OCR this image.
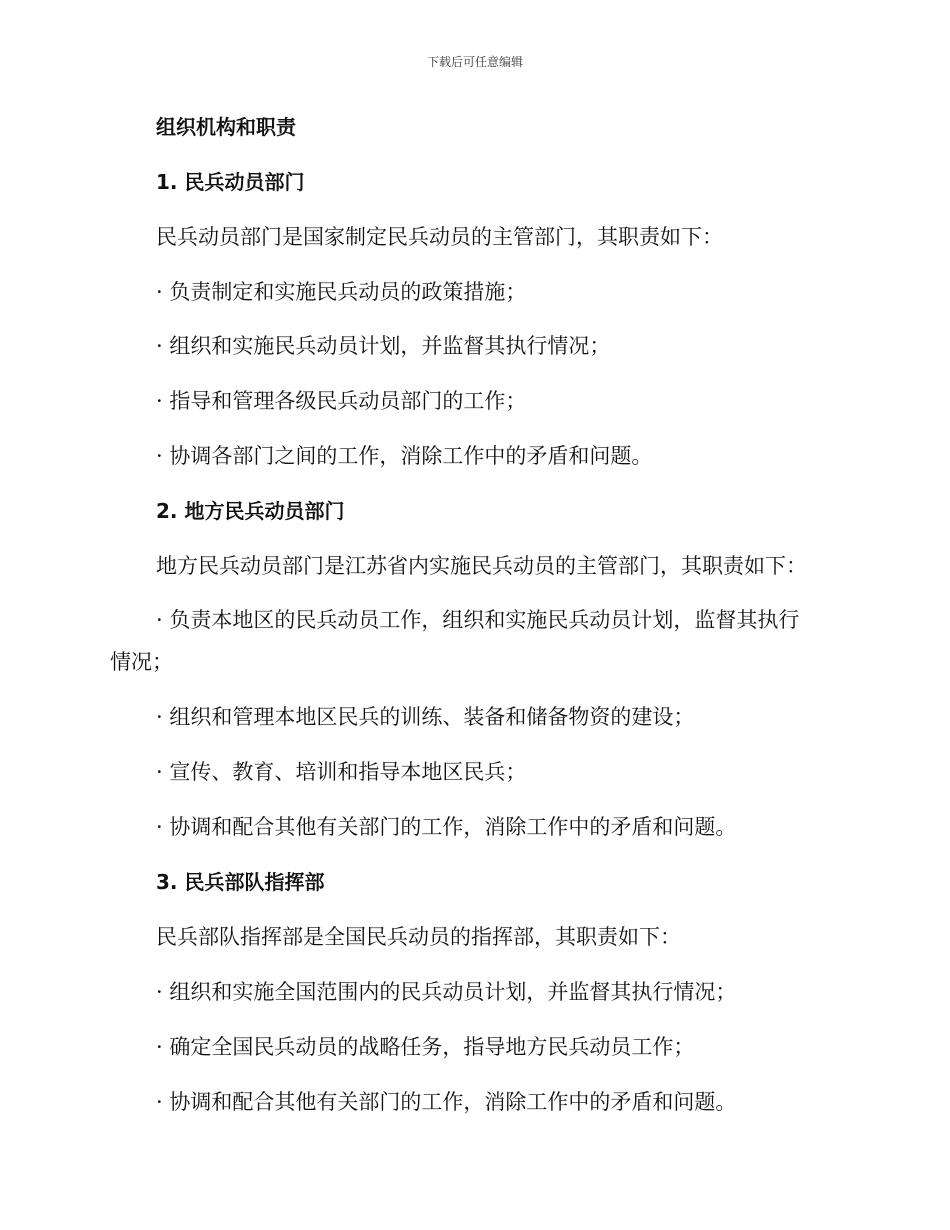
下载后可任意编辑
组织机构和职责
1. 民兵动员部门
民兵动员部门是国家制定民兵动员的主管部门，其职责如下：
· 负责制定和实施民兵动员的政策措施；
· 组织和实施民兵动员计划，并监督其执行情况；
· 指导和管理各级民兵动员部门的工作；
· 协调各部门之间的工作，消除工作中的矛盾和问题。
2. 地方民兵动员部门
地方民兵动员部门是江苏省内实施民兵动员的主管部门，其职责如下：
· 负责本地区的民兵动员工作，组织和实施民兵动员计划，监督其执行
情况；
· 组织和管理本地区民兵的训练、装备和储备物资的建设；
· 宣传、教育、培训和指导本地区民兵；
· 协调和配合其他有关部门的工作，消除工作中的矛盾和问题。
3. 民兵部队指挥部
民兵部队指挥部是全国民兵动员的指挥部，其职责如下：
· 组织和实施全国范围内的民兵动员计划，并监督其执行情况；
· 确定全国民兵动员的战略任务，指导地方民兵动员工作；
· 协调和配合其他有关部门的工作，消除工作中的矛盾和问题。
